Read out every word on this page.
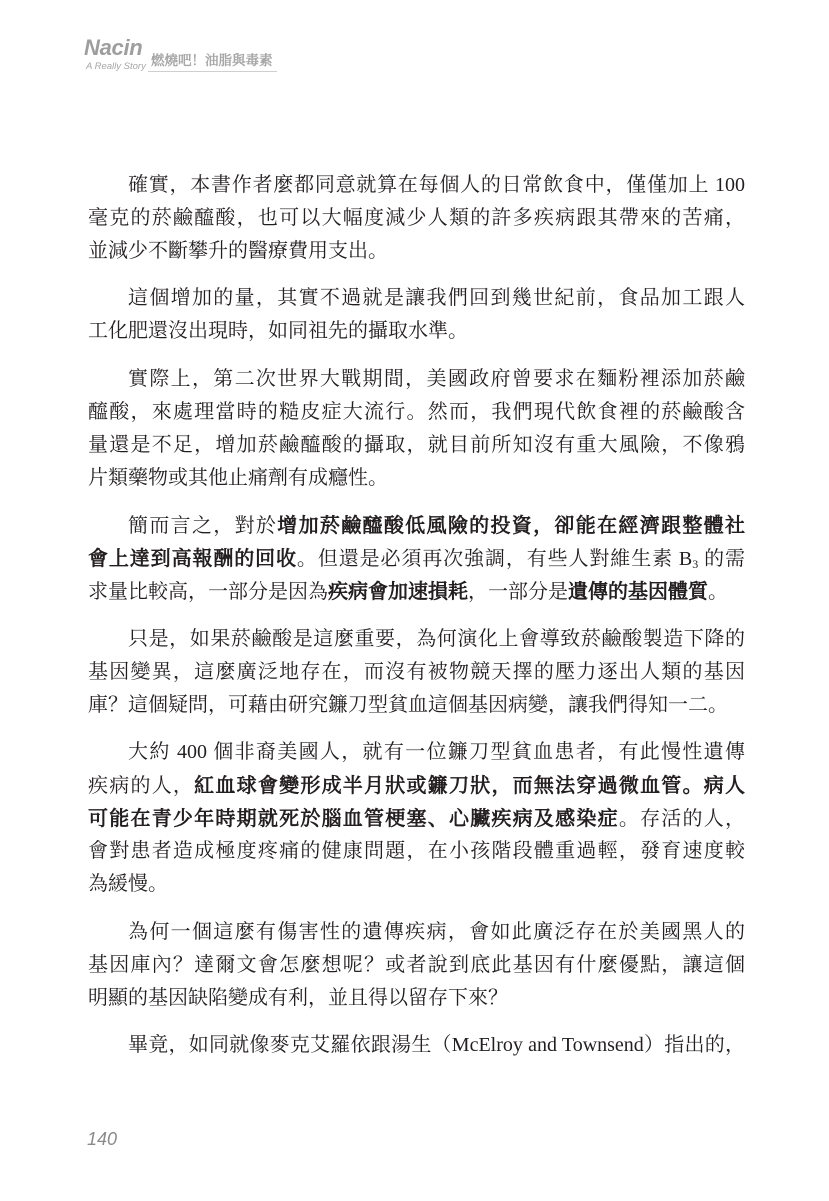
Nacin
A Really Story 燃燒吧！油脂與毒素
確實，本書作者麼都同意就算在每個人的日常飲食中，僅僅加上 100
毫克的菸鹼醯酸，也可以大幅度減少人類的許多疾病跟其帶來的苦痛，
並減少不斷攀升的醫療費用支出。
這個增加的量，其實不過就是讓我們回到幾世紀前，食品加工跟人
工化肥還沒出現時，如同祖先的攝取水準。
實際上，第二次世界大戰期間，美國政府曾要求在麵粉裡添加菸鹼
醯酸，來處理當時的糙皮症大流行。然而，我們現代飲食裡的菸鹼酸含
量還是不足，增加菸鹼醯酸的攝取，就目前所知沒有重大風險，不像鴉
片類藥物或其他止痛劑有成癮性。
簡而言之，對於增加菸鹼醯酸低風險的投資，卻能在經濟跟整體社
會上達到高報酬的回收。但還是必須再次強調，有些人對維生素 $B_3$ 的需
求量比較高，一部分是因為疾病會加速損耗，一部分是遺傳的基因體質。
只是，如果菸鹼酸是這麼重要，為何演化上會導致菸鹼酸製造下降的
基因變異，這麼廣泛地存在，而沒有被物競天擇的壓力逐出人類的基因
庫？這個疑問，可藉由研究鐮刀型貧血這個基因病變，讓我們得知一二。
大約 400 個非裔美國人，就有一位鐮刀型貧血患者，有此慢性遺傳
疾病的人，紅血球會變形成半月狀或鐮刀狀，而無法穿過微血管。病人
可能在青少年時期就死於腦血管梗塞、心臟疾病及感染症。存活的人，
會對患者造成極度疼痛的健康問題，在小孩階段體重過輕，發育速度較
為緩慢。
為何一個這麼有傷害性的遺傳疾病，會如此廣泛存在於美國黑人的
基因庫內？達爾文會怎麼想呢？或者說到底此基因有什麼優點，讓這個
明顯的基因缺陷變成有利，並且得以留存下來？
畢竟，如同就像麥克艾羅依跟湯生（McElroy and Townsend）指出的，
140
